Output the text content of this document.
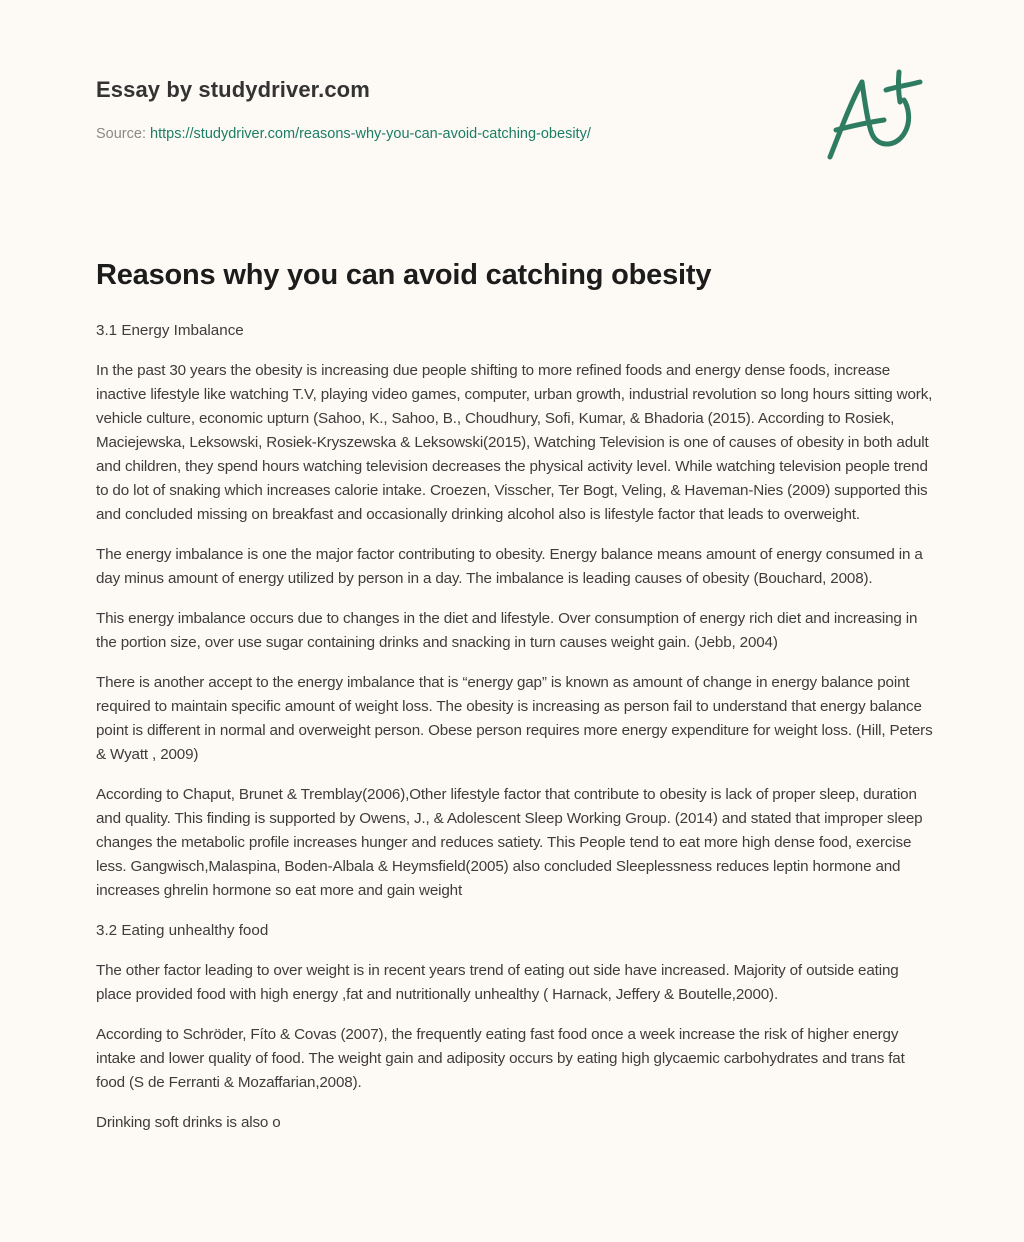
Essay by studydriver.com
Source: https://studydriver.com/reasons-why-you-can-avoid-catching-obesity/
Reasons why you can avoid catching obesity

3.1 Energy Imbalance

In the past 30 years the obesity is increasing due people shifting to more refined foods and energy dense foods, increase inactive lifestyle like watching T.V, playing video games, computer, urban growth, industrial revolution so long hours sitting work, vehicle culture, economic upturn (Sahoo, K., Sahoo, B., Choudhury, Sofi, Kumar, & Bhadoria (2015). According to Rosiek, Maciejewska, Leksowski, Rosiek-Kryszewska & Leksowski(2015), Watching Television is one of causes of obesity in both adult and children, they spend hours watching television decreases the physical activity level. While watching television people trend to do lot of snaking which increases calorie intake. Croezen, Visscher, Ter Bogt, Veling, & Haveman-Nies (2009) supported this and concluded missing on breakfast and occasionally drinking alcohol also is lifestyle factor that leads to overweight.

The energy imbalance is one the major factor contributing to obesity. Energy balance means amount of energy consumed in a day minus amount of energy utilized by person in a day. The imbalance is leading causes of obesity (Bouchard, 2008).

This energy imbalance occurs due to changes in the diet and lifestyle. Over consumption of energy rich diet and increasing in the portion size, over use sugar containing drinks and snacking in turn causes weight gain. (Jebb, 2004)

There is another accept to the energy imbalance that is “energy gap” is known as amount of change in energy balance point required to maintain specific amount of weight loss. The obesity is increasing as person fail to understand that energy balance point is different in normal and overweight person. Obese person requires more energy expenditure for weight loss. (Hill, Peters & Wyatt , 2009)

According to Chaput, Brunet & Tremblay(2006),Other lifestyle factor that contribute to obesity is lack of proper sleep, duration and quality. This finding is supported by Owens, J., & Adolescent Sleep Working Group. (2014) and stated that improper sleep changes the metabolic profile increases hunger and reduces satiety. This People tend to eat more high dense food, exercise less. Gangwisch,Malaspina, Boden-Albala & Heymsfield(2005) also concluded Sleeplessness reduces leptin hormone and increases ghrelin hormone so eat more and gain weight

3.2 Eating unhealthy food

The other factor leading to over weight is in recent years trend of eating out side have increased. Majority of outside eating place provided food with high energy ,fat and nutritionally unhealthy ( Harnack, Jeffery & Boutelle,2000).

According to Schröder, Fíto & Covas (2007), the frequently eating fast food once a week increase the risk of higher energy intake and lower quality of food. The weight gain and adiposity occurs by eating high glycaemic carbohydrates and trans fat food (S de Ferranti & Mozaffarian,2008).

Drinking soft drinks is also o
